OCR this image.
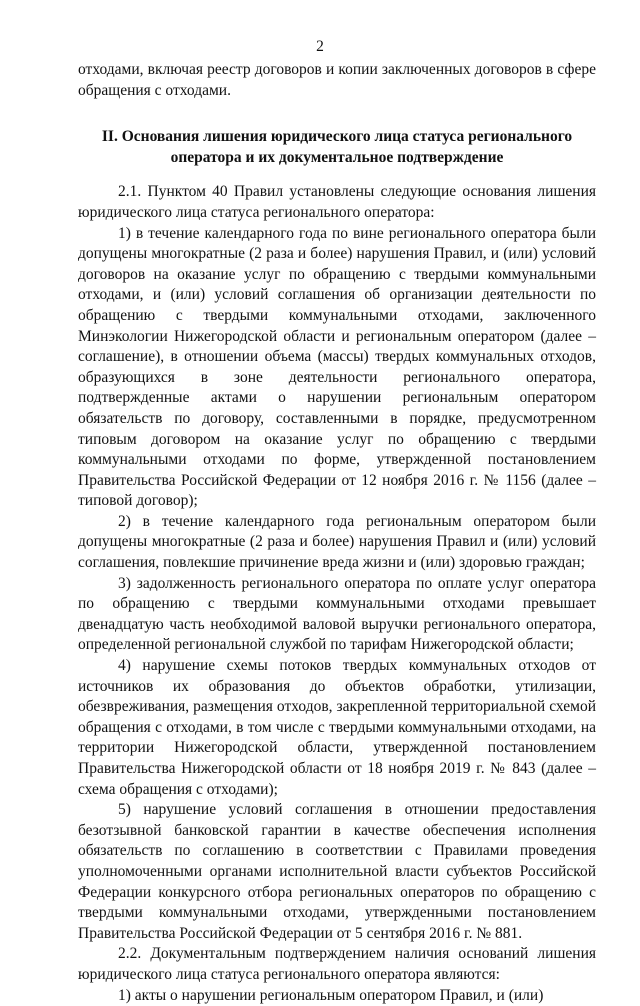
2

отходами, включая реестр договоров и копии заключенных договоров в сфере обращения с отходами.

II. Основания лишения юридического лица статуса регионального
оператора и их документальное подтверждение

2.1. Пунктом 40 Правил установлены следующие основания лишения юридического лица статуса регионального оператора:

1) в течение календарного года по вине регионального оператора были допущены многократные (2 раза и более) нарушения Правил, и (или) условий договоров на оказание услуг по обращению с твердыми коммунальными отходами, и (или) условий соглашения об организации деятельности по обращению с твердыми коммунальными отходами, заключенного Минэкологии Нижегородской области и региональным оператором (далее – соглашение), в отношении объема (массы) твердых коммунальных отходов, образующихся в зоне деятельности регионального оператора, подтвержденные актами о нарушении региональным оператором обязательств по договору, составленными в порядке, предусмотренном типовым договором на оказание услуг по обращению с твердыми коммунальными отходами по форме, утвержденной постановлением Правительства Российской Федерации от 12 ноября 2016 г. № 1156 (далее – типовой договор);

2) в течение календарного года региональным оператором были допущены многократные (2 раза и более) нарушения Правил и (или) условий соглашения, повлекшие причинение вреда жизни и (или) здоровью граждан;

3) задолженность регионального оператора по оплате услуг оператора по обращению с твердыми коммунальными отходами превышает двенадцатую часть необходимой валовой выручки регионального оператора, определенной региональной службой по тарифам Нижегородской области;

4) нарушение схемы потоков твердых коммунальных отходов от источников их образования до объектов обработки, утилизации, обезвреживания, размещения отходов, закрепленной территориальной схемой обращения с отходами, в том числе с твердыми коммунальными отходами, на территории Нижегородской области, утвержденной постановлением Правительства Нижегородской области от 18 ноября 2019 г. № 843 (далее – схема обращения с отходами);

5) нарушение условий соглашения в отношении предоставления безотзывной банковской гарантии в качестве обеспечения исполнения обязательств по соглашению в соответствии с Правилами проведения уполномоченными органами исполнительной власти субъектов Российской Федерации конкурсного отбора региональных операторов по обращению с твердыми коммунальными отходами, утвержденными постановлением Правительства Российской Федерации от 5 сентября 2016 г. № 881.

2.2. Документальным подтверждением наличия оснований лишения юридического лица статуса регионального оператора являются:

1) акты о нарушении региональным оператором Правил, и (или)
